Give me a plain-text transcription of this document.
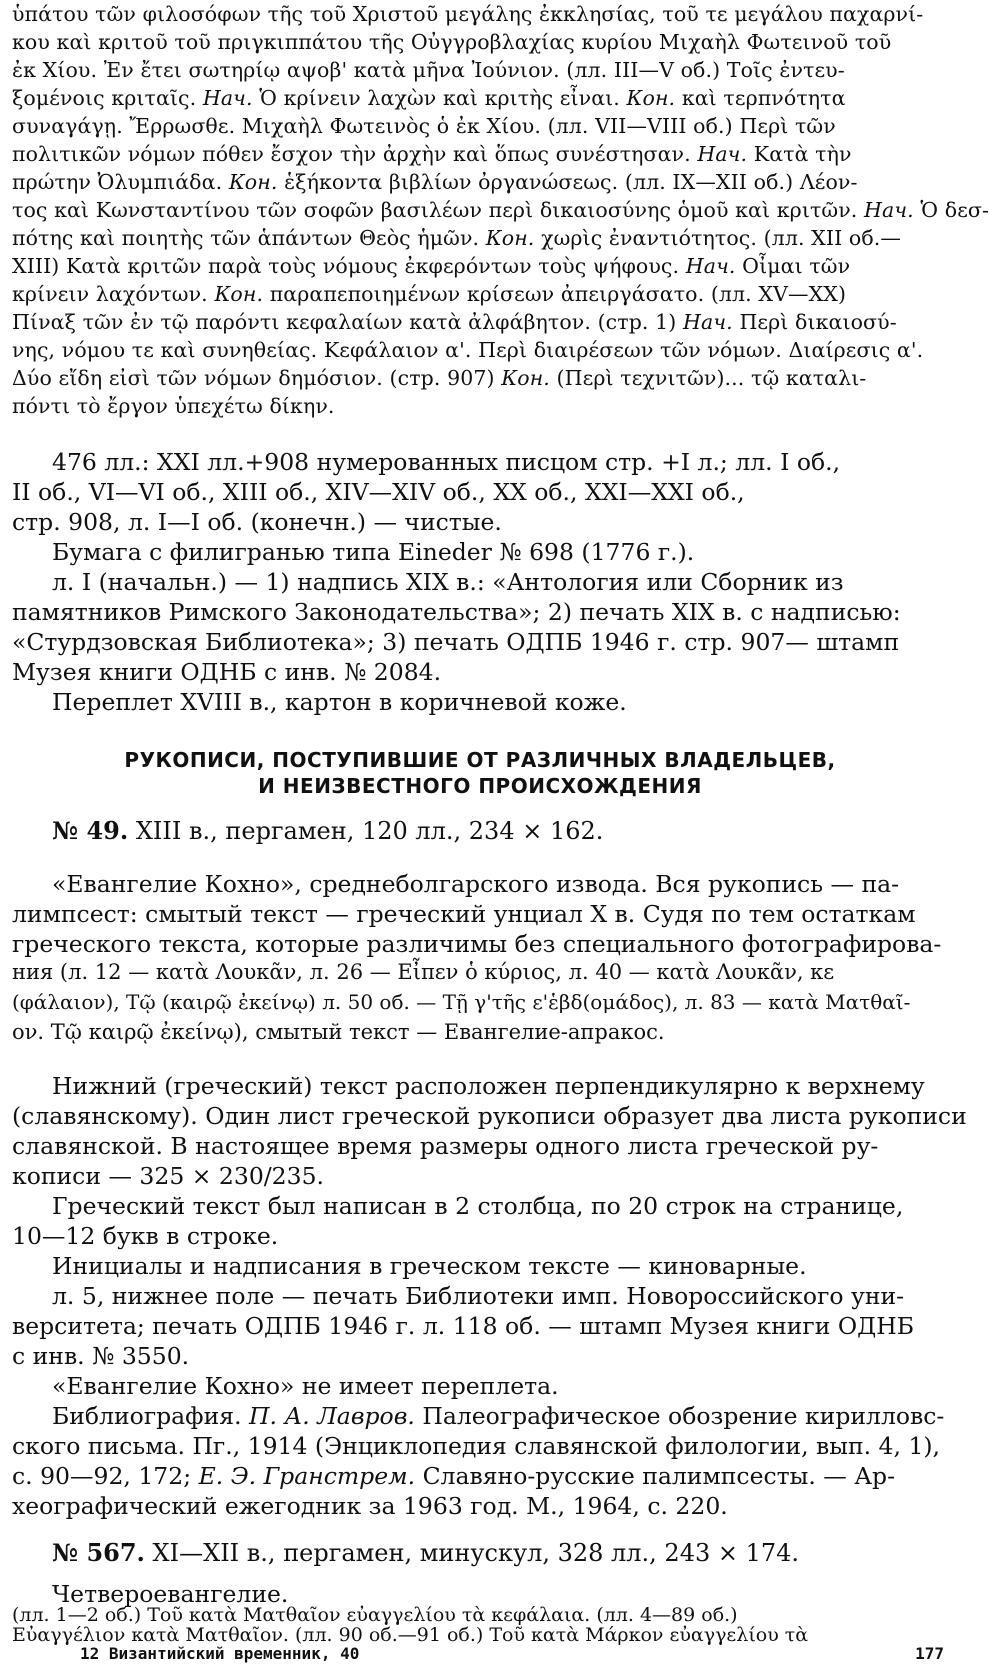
ὑπάτου τῶν φιλοσόφων τῆς τοῦ Χριστοῦ μεγάλης ἐκκλησίας, τοῦ τε μεγάλου παχαρνί-
κου καὶ κριτοῦ τοῦ πριγκιππάτου τῆς Οὐγγροβλαχίας κυρίου Μιχαὴλ Φωτεινοῦ τοῦ
ἐκ Χίου. Ἐν ἔτει σωτηρίῳ αψοβ' κατὰ μῆνα Ἰούνιον. (лл. III—V об.) Τοῖς ἐντευ-
ξομένοις κριταῖς. Нач. Ὁ κρίνειν λαχὼν καὶ κριτὴς εἶναι. Кон. καὶ τερπνότητα
συναγάγῃ. Ἔρρωσθε. Μιχαὴλ Φωτεινὸς ὁ ἐκ Χίου. (лл. VII—VIII об.) Περὶ τῶν
πολιτικῶν νόμων πόθεν ἔσχον τὴν ἀρχὴν καὶ ὅπως συνέστησαν. Нач. Κατὰ τὴν
πρώτην Ὀλυμπιάδα. Кон. ἑξήκοντα βιβλίων ὀργανώσεως. (лл. IX—XII об.) Λέον-
τος καὶ Κωνσταντίνου τῶν σοφῶν βασιλέων περὶ δικαιοσύνης ὁμοῦ καὶ κριτῶν. Нач. Ὁ δεσ-
πότης καὶ ποιητὴς τῶν ἁπάντων Θεὸς ἡμῶν. Кон. χωρὶς ἐναντιότητος. (лл. XII об.—
XIII) Κατὰ κριτῶν παρὰ τοὺς νόμους ἐκφερόντων τοὺς ψήφους. Нач. Οἶμαι τῶν
κρίνειν λαχόντων. Кон. παραπεποιημένων κρίσεων ἀπειργάσατο. (лл. XV—XX)
Πίναξ τῶν ἐν τῷ παρόντι κεφαλαίων κατὰ ἀλφάβητον. (стр. 1) Нач. Περὶ δικαιοσύ-
νης, νόμου τε καὶ συνηθείας. Κεφάλαιον α'. Περὶ διαιρέσεων τῶν νόμων. Διαίρεσις α'.
Δύο εἴδη εἰσὶ τῶν νόμων δημόσιον. (стр. 907) Кон. (Περὶ τεχνιτῶν)... τῷ καταλι-
πόντι τὸ ἔργον ὑπεχέτω δίκην.
476 лл.: XXI лл.+908 нумерованных писцом стр. +I л.; лл. I об.,
II об., VI—VI об., XIII об., XIV—XIV об., XX об., XXI—XXI об.,
стр. 908, л. I—I об. (конечн.) — чистые.
Бумага с филигранью типа Eineder № 698 (1776 г.).
л. I (начальн.) — 1) надпись XIX в.: «Антология или Сборник из
памятников Римского Законодательства»; 2) печать XIX в. с надписью:
«Стурдзовская Библиотека»; 3) печать ОДПБ 1946 г. стр. 907— штамп
Музея книги ОДНБ с инв. № 2084.
Переплет XVIII в., картон в коричневой коже.
РУКОПИСИ, ПОСТУПИВШИЕ ОТ РАЗЛИЧНЫХ ВЛАДЕЛЬЦЕВ,
И НЕИЗВЕСТНОГО ПРОИСХОЖДЕНИЯ
№ 49. XIII в., пергамен, 120 лл., 234 × 162.
«Евангелие Кохно», среднеболгарского извода. Вся рукопись — па-
лимпсест: смытый текст — греческий унциал X в. Судя по тем остаткам
греческого текста, которые различимы без специального фотографирова-
ния (л. 12 — κατὰ Λουκᾶν, л. 26 — Εἶπεν ὁ κύριος, л. 40 — κατὰ Λουκᾶν, κε
(φάλαιον), Τῷ (καιρῷ ἐκείνῳ) л. 50 об. — Τῇ γ'τῆς ε'ἑβδ(ομάδος), л. 83 — κατὰ Ματθαῖ-
ον. Τῷ καιρῷ ἐκείνῳ), смытый текст — Евангелие-апракос.
Нижний (греческий) текст расположен перпендикулярно к верхнему
(славянскому). Один лист греческой рукописи образует два листа рукописи
славянской. В настоящее время размеры одного листа греческой ру-
кописи — 325 × 230/235.
Греческий текст был написан в 2 столбца, по 20 строк на странице,
10—12 букв в строке.
Инициалы и надписания в греческом тексте — киноварные.
л. 5, нижнее поле — печать Библиотеки имп. Новороссийского уни-
верситета; печать ОДПБ 1946 г. л. 118 об. — штамп Музея книги ОДНБ
с инв. № 3550.
«Евангелие Кохно» не имеет переплета.
Библиография. П. А. Лавров. Палеографическое обозрение кирилловс-
ского письма. Пг., 1914 (Энциклопедия славянской филологии, вып. 4, 1),
с. 90—92, 172; Е. Э. Гранстрем. Славяно-русские палимпсесты. — Ар-
хеографический ежегодник за 1963 год. М., 1964, с. 220.
№ 567. XI—XII в., пергамен, минускул, 328 лл., 243 × 174.
Четвероевангелие.
(лл. 1—2 об.) Τοῦ κατὰ Ματθαῖον εὐαγγελίου τὰ κεφάλαια. (лл. 4—89 об.)
12 Византийский временник, 40	177
Εὐαγγέλιον κατὰ Ματθαῖον. (лл. 90 об.—91 об.) Τοῦ κατὰ Μάρκον εὐαγγελίου τὰ
